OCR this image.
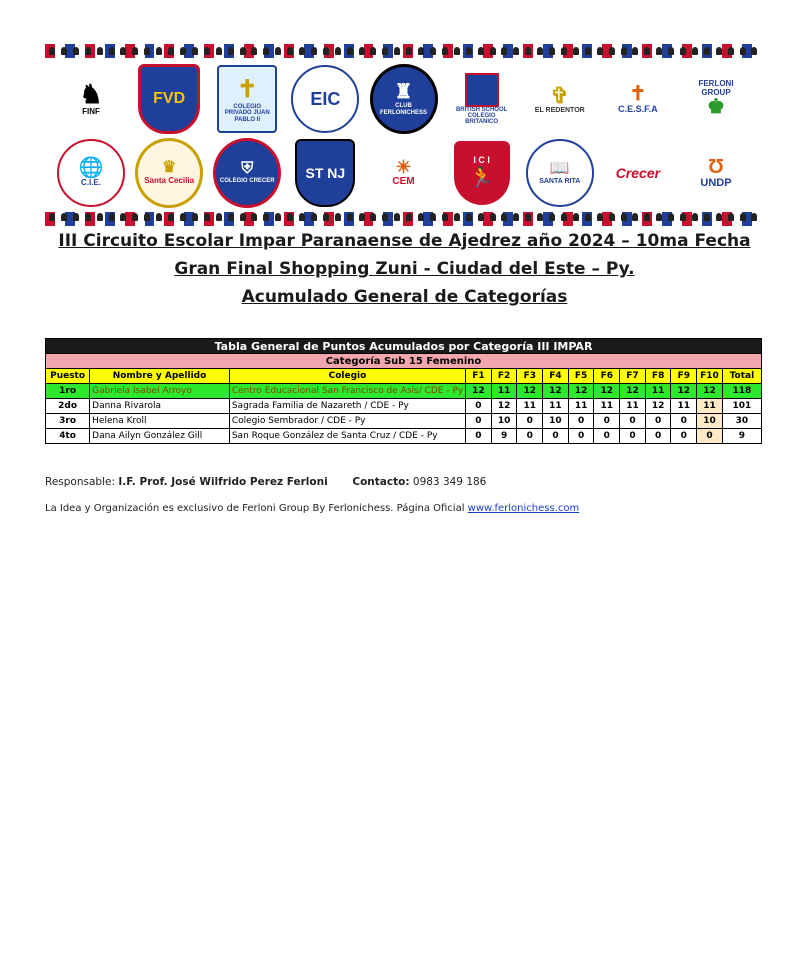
♞
FINF
FVD ✝
COLEGIO PRIVADO JUAN PABLO II
EIC	♜
CLUB FERLONICHESS	BRITISH SCHOOL COLEGIO BRITANICO
✞
EL REDENTOR
✝
C.E.S.F.A
FERLONI GROUP
♚
🌐
C.I.E.
♛
Santa Cecilia
⛨
COLEGIO CRECER
ST NJ	☀
CEM
I C I
🏃	📖
SANTA RITA
Crecer Ʊ
UNDP
III Circuito Escolar Impar Paranaense de Ajedrez año 2024 – 10ma Fecha
Gran Final Shopping Zuni - Ciudad del Este – Py.
Acumulado General de Categorías
Tabla General de Puntos Acumulados por Categoría III IMPAR													
Categoría Sub 15 Femenino													
Puesto	Nombre y Apellido	Colegio	F1	F2	F3	F4	F5	F6	F7	F8	F9	F10	Total
1ro	Gabriela Isabel Arroyo	Centro Educacional San Francisco de Asís/ CDE - Py	12	11	12	12	12	12	12	11	12	12	118
2do	Danna Rivarola	Sagrada Familia de Nazareth / CDE - Py	0	12	11	11	11	11	11	12	11	11	101
3ro	Helena Kroll	Colegio Sembrador / CDE - Py	0	10	0	10	0	0	0	0	0	10	30
4to	Dana Ailyn González Gill	San Roque González de Santa Cruz / CDE - Py	0	9	0	0	0	0	0	0	0	0	9
Responsable: I.F. Prof. José Wilfrido Perez Ferloni Contacto: 0983 349 186
La Idea y Organización es exclusivo de Ferloni Group By Ferlonichess. Página Oficial www.ferlonichess.com
